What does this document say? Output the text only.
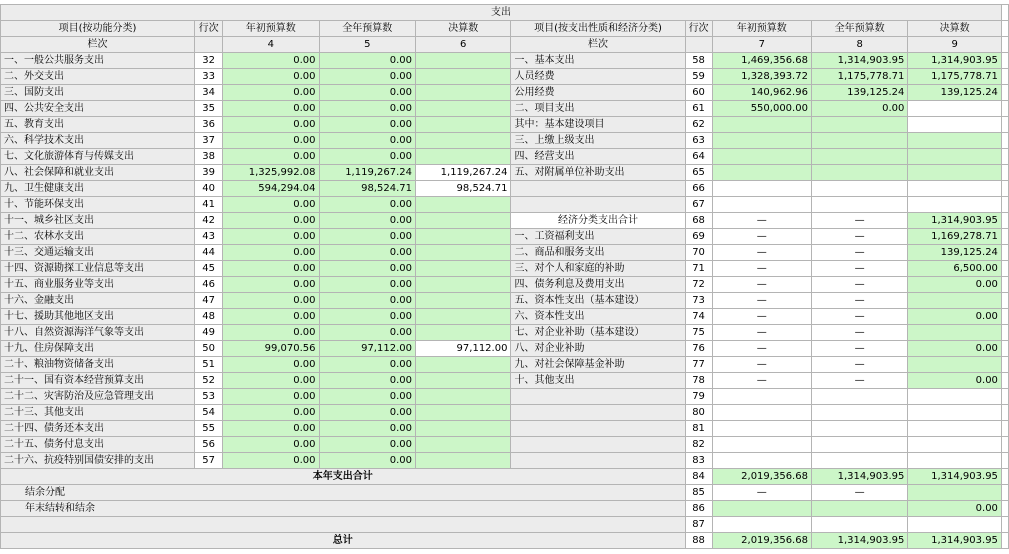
支出										
项目(按功能分类)	行次	年初预算数	全年预算数	决算数	项目(按支出性质和经济分类)	行次	年初预算数	全年预算数	决算数	
栏次		4	5	6	栏次		7	8	9	
一、一般公共服务支出	32	0.00	0.00		一、基本支出	58	1,469,356.68	1,314,903.95	1,314,903.95	
二、外交支出	33	0.00	0.00		人员经费	59	1,328,393.72	1,175,778.71	1,175,778.71	
三、国防支出	34	0.00	0.00		公用经费	60	140,962.96	139,125.24	139,125.24	
四、公共安全支出	35	0.00	0.00		二、项目支出	61	550,000.00	0.00		
五、教育支出	36	0.00	0.00		其中：基本建设项目	62				
六、科学技术支出	37	0.00	0.00		三、上缴上级支出	63				
七、文化旅游体育与传媒支出	38	0.00	0.00		四、经营支出	64				
八、社会保障和就业支出	39	1,325,992.08	1,119,267.24	1,119,267.24	五、对附属单位补助支出	65				
九、卫生健康支出	40	594,294.04	98,524.71	98,524.71		66				
十、节能环保支出	41	0.00	0.00			67				
十一、城乡社区支出	42	0.00	0.00		经济分类支出合计	68	—	—	1,314,903.95	
十二、农林水支出	43	0.00	0.00		一、工资福利支出	69	—	—	1,169,278.71	
十三、交通运输支出	44	0.00	0.00		二、商品和服务支出	70	—	—	139,125.24	
十四、资源勘探工业信息等支出	45	0.00	0.00		三、对个人和家庭的补助	71	—	—	6,500.00	
十五、商业服务业等支出	46	0.00	0.00		四、债务利息及费用支出	72	—	—	0.00	
十六、金融支出	47	0.00	0.00		五、资本性支出（基本建设）	73	—	—		
十七、援助其他地区支出	48	0.00	0.00		六、资本性支出	74	—	—	0.00	
十八、自然资源海洋气象等支出	49	0.00	0.00		七、对企业补助（基本建设）	75	—	—		
十九、住房保障支出	50	99,070.56	97,112.00	97,112.00	八、对企业补助	76	—	—	0.00	
二十、粮油物资储备支出	51	0.00	0.00		九、对社会保障基金补助	77	—	—		
二十一、国有资本经营预算支出	52	0.00	0.00		十、其他支出	78	—	—	0.00	
二十二、灾害防治及应急管理支出	53	0.00	0.00			79				
二十三、其他支出	54	0.00	0.00			80				
二十四、债务还本支出	55	0.00	0.00			81				
二十五、债务付息支出	56	0.00	0.00			82				
二十六、抗疫特别国债安排的支出	57	0.00	0.00			83				
本年支出合计						84	2,019,356.68	1,314,903.95	1,314,903.95	
结余分配						85	—	—		
年末结转和结余						86			0.00	
						87				
总计						88	2,019,356.68	1,314,903.95	1,314,903.95	
